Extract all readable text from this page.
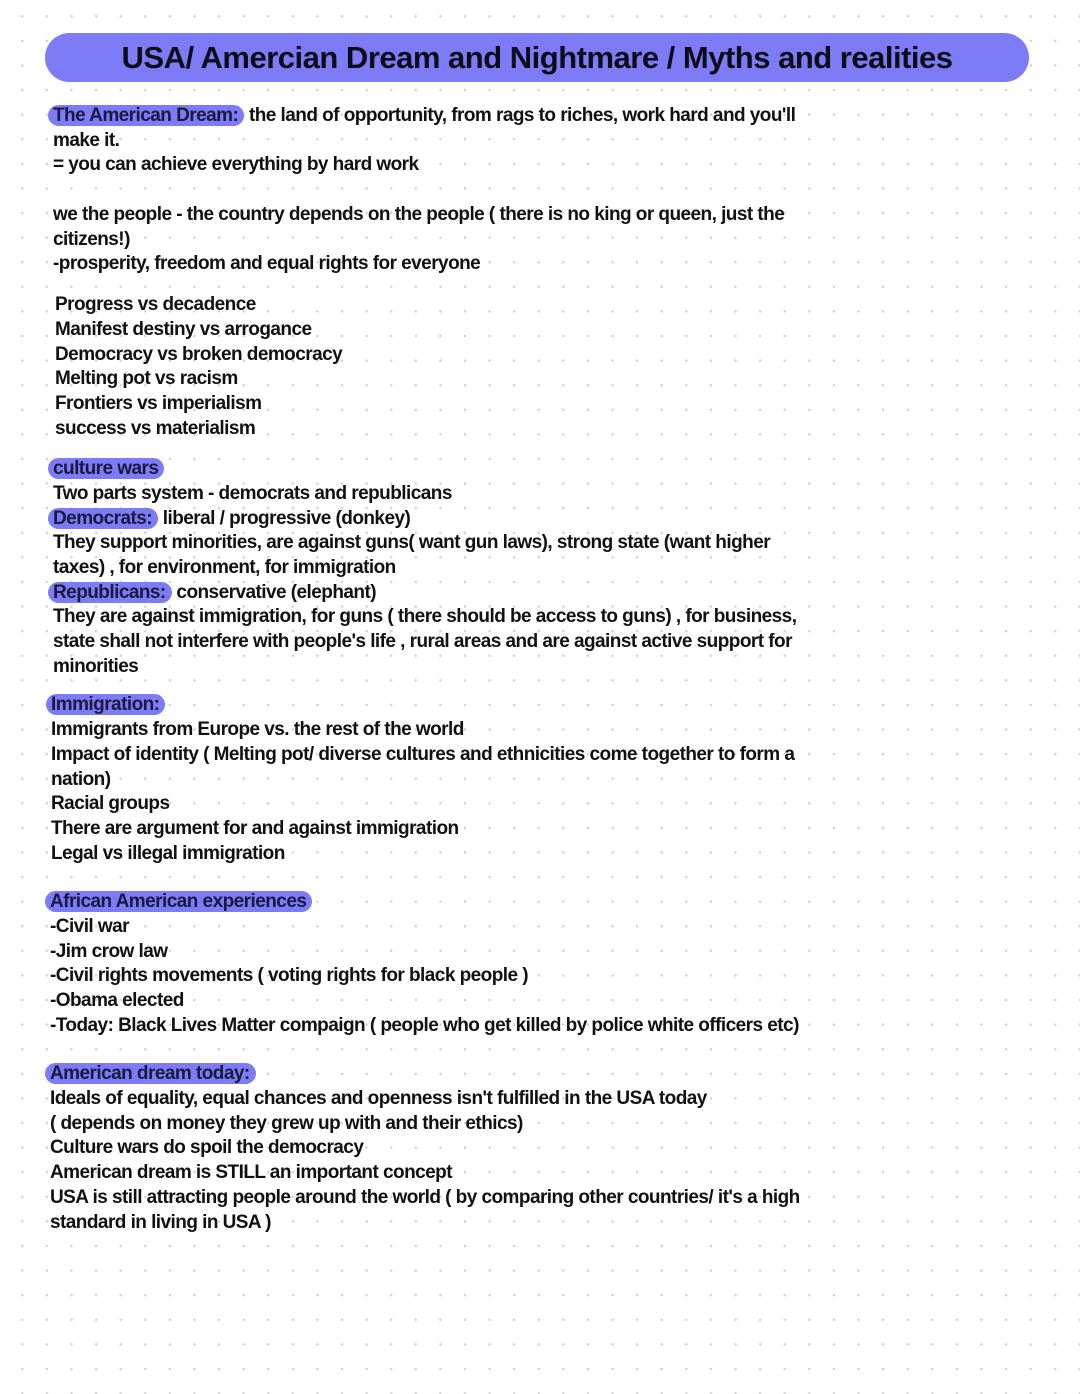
USA/ Amercian Dream and Nightmare / Myths and realities
The American Dream: the land of opportunity, from rags to riches, work hard and you'll
make it.
= you can achieve everything by hard work
we the people - the country depends on the people ( there is no king or queen, just the
citizens!)
-prosperity, freedom and equal rights for everyone
Progress vs decadence
Manifest destiny vs arrogance
Democracy vs broken democracy
Melting pot vs racism
Frontiers vs imperialism
success vs materialism
culture wars
Two parts system - democrats and republicans
Democrats: liberal / progressive (donkey)
They support minorities, are against guns( want gun laws), strong state (want higher
taxes) , for environment, for immigration
Republicans: conservative (elephant)
They are against immigration, for guns ( there should be access to guns) , for business,
state shall not interfere with people's life , rural areas and are against active support for
minorities
Immigration:
Immigrants from Europe vs. the rest of the world
Impact of identity ( Melting pot/ diverse cultures and ethnicities come together to form a
nation)
Racial groups
There are argument for and against immigration
Legal vs illegal immigration
African American experiences
-Civil war
-Jim crow law
-Civil rights movements ( voting rights for black people )
-Obama elected
-Today: Black Lives Matter compaign ( people who get killed by police white officers etc)
American dream today:
Ideals of equality, equal chances and openness isn't fulfilled in the USA today
( depends on money they grew up with and their ethics)
Culture wars do spoil the democracy
American dream is STILL an important concept
USA is still attracting people around the world ( by comparing other countries/ it's a high
standard in living in USA )
